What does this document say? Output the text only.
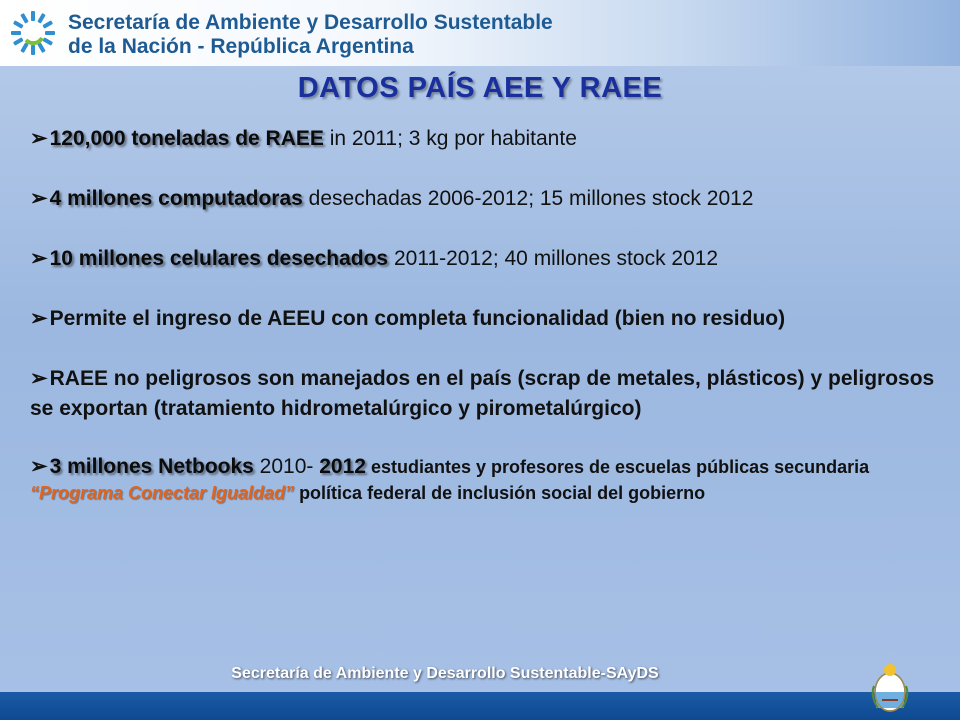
Secretaría de Ambiente y Desarrollo Sustentable
de la Nación - República Argentina
DATOS PAÍS AEE Y RAEE

➢120,000 toneladas de RAEE in 2011; 3 kg por habitante

➢4 millones computadoras desechadas 2006-2012; 15 millones stock 2012

➢10 millones celulares desechados 2011-2012; 40 millones stock 2012

➢Permite el ingreso de AEEU con completa funcionalidad (bien no residuo)

➢RAEE no peligrosos son manejados en el país (scrap de metales, plásticos) y peligrosos se exportan (tratamiento hidrometalúrgico y pirometalúrgico)

➢3 millones Netbooks 2010- 2012 estudiantes y profesores de escuelas públicas secundaria “Programa Conectar Igualdad” política federal de inclusión social del gobierno

Secretaría de Ambiente y Desarrollo Sustentable-SAyDS
